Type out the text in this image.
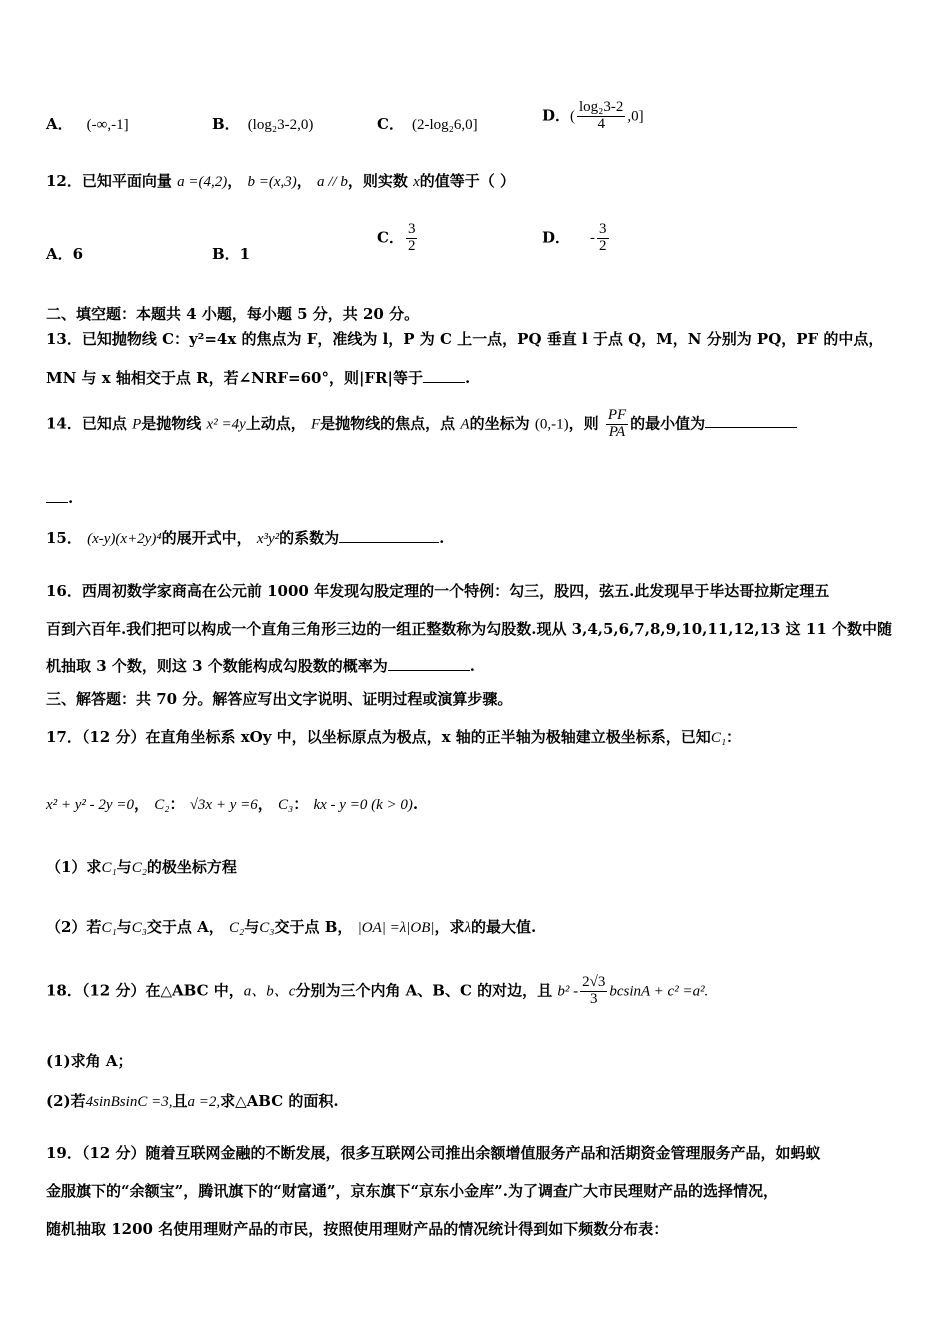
A． (-∞,-1]	B． (log₂3-2,0)	C． (2-log₂6,0]
D．( $\frac{\text{log₂3-2}}{4} ,0$]
12．已知平面向量 a =(4,2)， b =(x,3)， a // b，则实数 x的值等于（ ）
A．6	B．1
C． $\frac{3}{2}$	D． - $\frac{3}{2}$
二、填空题：本题共 4 小题，每小题 5 分，共 20 分。
13．已知抛物线 C：y²=4x 的焦点为 F，准线为 l，P 为 C 上一点，PQ 垂直 l 于点 Q，M，N 分别为 PQ，PF 的中点，
MN 与 x 轴相交于点 R，若∠NRF=60°，则|FR|等于	.
14．已知点 P是抛物线 x² =4y上动点， F是抛物线的焦点，点 A的坐标为 (0,-1)，则 $\frac{PF}{PA}$ 的最小值为
.
15． (x-y)(x+2y)⁴的展开式中， x³y²的系数为	.
16．西周初数学家商高在公元前 1000 年发现勾股定理的一个特例：勾三，股四，弦五.此发现早于毕达哥拉斯定理五
百到六百年.我们把可以构成一个直角三角形三边的一组正整数称为勾股数.现从 3,4,5,6,7,8,9,10,11,12,13 这 11 个数中随
机抽取 3 个数，则这 3 个数能构成勾股数的概率为	.
三、解答题：共 70 分。解答应写出文字说明、证明过程或演算步骤。
17．（12 分）在直角坐标系 xOy 中，以坐标原点为极点，x 轴的正半轴为极轴建立极坐标系，已知C₁：
x² + y² - 2y =0， C₂： √3x + y =6， C₃： kx - y =0 (k > 0).
（1）求C₁与C₂的极坐标方程
（2）若C₁与C₃交于点 A， C₂与C₃交于点 B， |OA| =λ|OB|，求λ的最大值.
18．（12 分）在△ABC 中，a、b、c分别为三个内角 A、B、C 的对边，且 $b^2 - \frac{2√3}{3}$ bcsinA + c² =a².
(1)求角 A；
(2)若4sinBsinC =3,且a =2,求△ABC 的面积.
19．（12 分）随着互联网金融的不断发展，很多互联网公司推出余额增值服务产品和活期资金管理服务产品，如蚂蚁
金服旗下的“余额宝”，腾讯旗下的“财富通”，京东旗下“京东小金库”.为了调查广大市民理财产品的选择情况，
随机抽取 1200 名使用理财产品的市民，按照使用理财产品的情况统计得到如下频数分布表：
